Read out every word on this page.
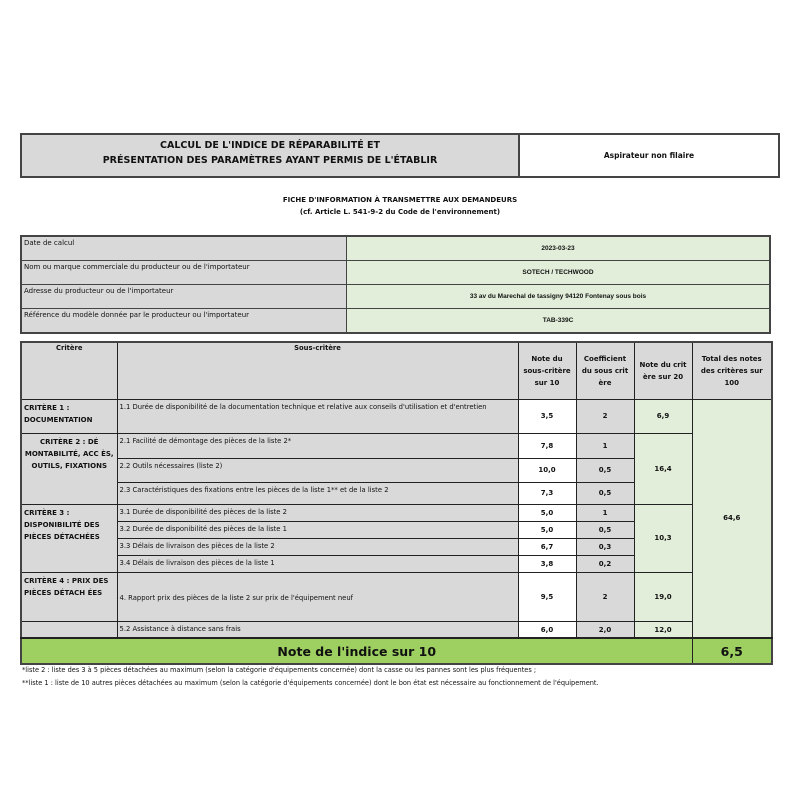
CALCUL DE L'INDICE DE RÉPARABILITÉ ET
PRÉSENTATION DES PARAMÈTRES AYANT PERMIS DE L'ÉTABLIR	Aspirateur non filaire
FICHE D'INFORMATION À TRANSMETTRE AUX DEMANDEURS
(cf. Article L. 541-9-2 du Code de l'environnement)
Date de calcul	2023-03-23
Nom ou marque commerciale du producteur ou de l'importateur	SOTECH / TECHWOOD
Adresse du producteur ou de l'importateur	33 av du Marechal de tassigny 94120 Fontenay sous bois
Référence du modèle donnée par le producteur ou l'importateur	TAB-339C
Critère	Sous-critère	Note du sous-critère sur 10	Coefficient du sous crit ère	Note du crit ère sur 20	Total des notes des critères sur 100
CRITÈRE 1 : DOCUMENTATION	1.1 Durée de disponibilité de la documentation technique et relative aux conseils d'utilisation et d'entretien	3,5	2	6,9	64,6
CRITÈRE 2 : DÉ MONTABILITÉ, ACC ÈS, OUTILS, FIXATIONS	2.1 Facilité de démontage des pièces de la liste 2*	7,8	1	16,4	
	2.2 Outils nécessaires (liste 2)	10,0	0,5		
	2.3 Caractéristiques des fixations entre les pièces de la liste 1** et de la liste 2	7,3	0,5		
CRITÈRE 3 : DISPONIBILITÉ DES PIÈCES DÉTACHÉES	3.1 Durée de disponibilité des pièces de la liste 2	5,0	1	10,3	
	3.2 Durée de disponibilité des pièces de la liste 1	5,0	0,5		
	3.3 Délais de livraison des pièces de la liste 2	6,7	0,3		
	3.4 Délais de livraison des pièces de la liste 1	3,8	0,2		
CRITÈRE 4 : PRIX DES PIÈCES DÉTACH ÉES	4. Rapport prix des pièces de la liste 2 sur prix de l'équipement neuf	9,5	2	19,0	
	5.2 Assistance à distance sans frais	6,0	2,0	12,0	

Note de l'indice sur 10					6,5
*liste 2 : liste des 3 à 5 pièces détachées au maximum (selon la catégorie d'équipements concernée) dont la casse ou les pannes sont les plus fréquentes ;
**liste 1 : liste de 10 autres pièces détachées au maximum (selon la catégorie d'équipements concernée) dont le bon état est nécessaire au fonctionnement de l'équipement.
